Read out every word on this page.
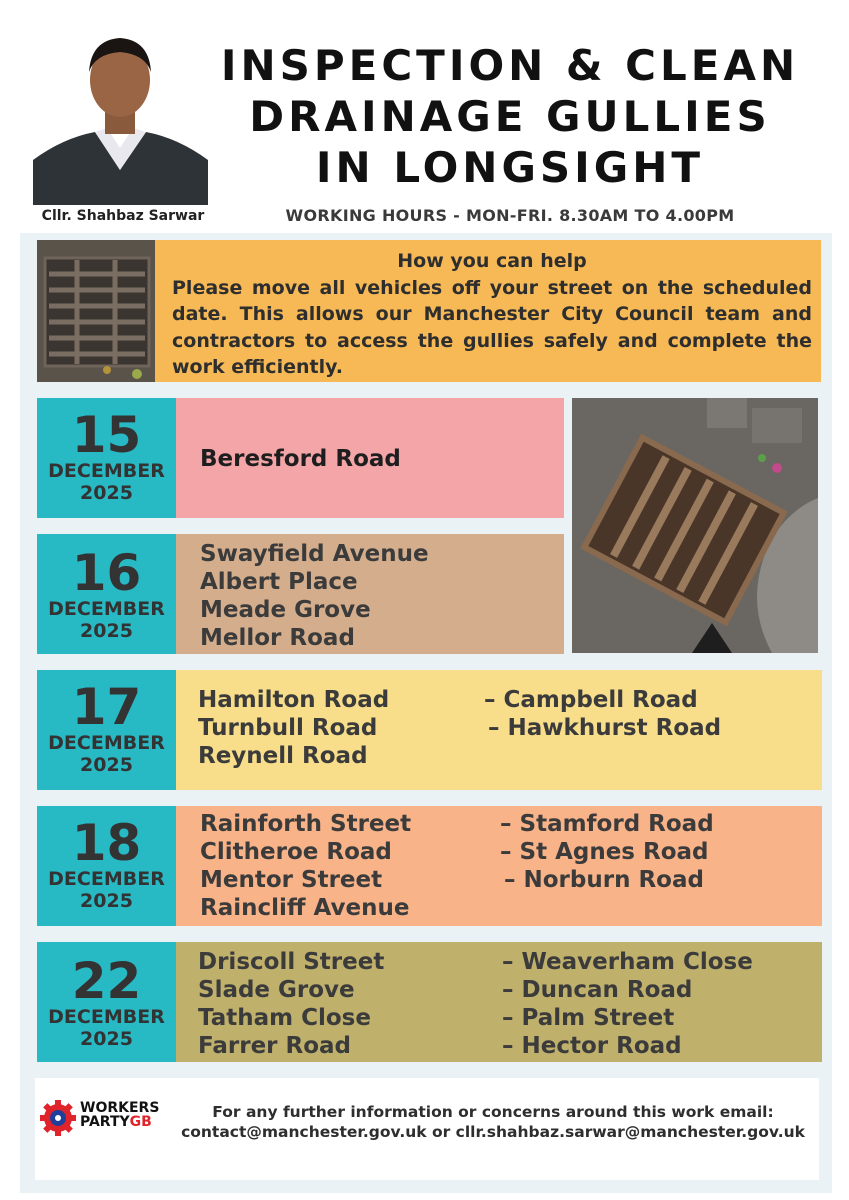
Cllr. Shahbaz Sarwar
INSPECTION & CLEAN
DRAINAGE GULLIES
IN LONGSIGHT
WORKING HOURS - MON-FRI. 8.30AM TO 4.00PM
How you can help
Please move all vehicles off your street on the scheduled date. This allows our Manchester City Council team and contractors to access the gullies safely and complete the work efficiently.
15
DECEMBER
2025
Beresford Road
16
DECEMBER
2025
Swayfield Avenue
Albert Place
Meade Grove
Mellor Road
17
DECEMBER
2025
Hamilton Road
Turnbull Road
Reynell Road
– Campbell Road
– Hawkhurst Road
18
DECEMBER
2025
Rainforth Street
Clitheroe Road
Mentor Street
Raincliff Avenue
– Stamford Road
– St Agnes Road
– Norburn Road
22
DECEMBER
2025
Driscoll Street
Slade Grove
Tatham Close
Farrer Road
– Weaverham Close
– Duncan Road
– Palm Street
– Hector Road
WORKERS
PARTYGB
For any further information or concerns around this work email:
contact@manchester.gov.uk or cllr.shahbaz.sarwar@manchester.gov.uk
